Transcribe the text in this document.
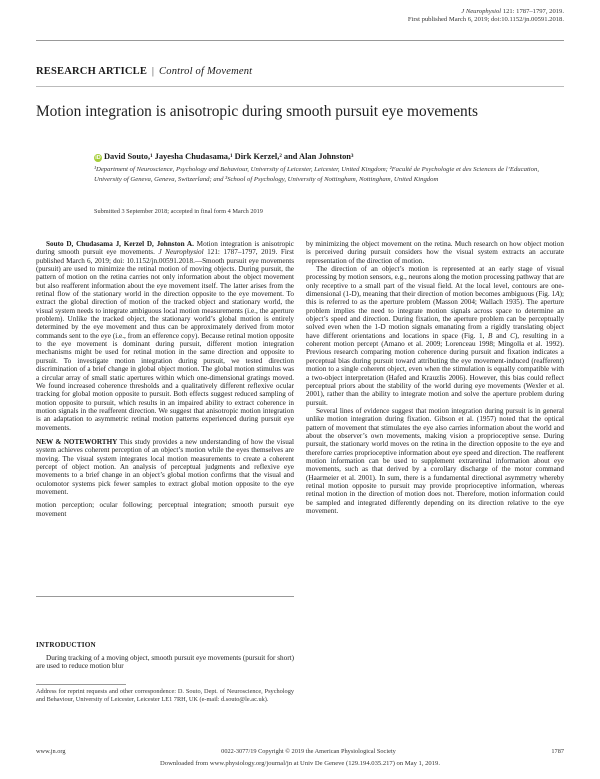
J Neurophysiol 121: 1787–1797, 2019.
First published March 6, 2019; doi:10.1152/jn.00591.2018.
RESEARCH ARTICLE | Control of Movement
Motion integration is anisotropic during smooth pursuit eye movements
iD David Souto,¹ Jayesha Chudasama,¹ Dirk Kerzel,² and Alan Johnston³
¹Department of Neuroscience, Psychology and Behaviour, University of Leicester, Leicester, United Kingdom; ²Faculté de Psychologie et des Sciences de l’Education, University of Geneva, Geneva, Switzerland; and ³School of Psychology, University of Nottingham, Nottingham, United Kingdom
Submitted 3 September 2018; accepted in final form 4 March 2019

Souto D, Chudasama J, Kerzel D, Johnston A. Motion integration is anisotropic during smooth pursuit eye movements. J Neurophysiol 121: 1787–1797, 2019. First published March 6, 2019; doi: 10.1152/jn.00591.2018.—Smooth pursuit eye movements (pursuit) are used to minimize the retinal motion of moving objects. During pursuit, the pattern of motion on the retina carries not only information about the object movement but also reafferent information about the eye movement itself. The latter arises from the retinal flow of the stationary world in the direction opposite to the eye movement. To extract the global direction of motion of the tracked object and stationary world, the visual system needs to integrate ambiguous local motion measurements (i.e., the aperture problem). Unlike the tracked object, the stationary world’s global motion is entirely determined by the eye movement and thus can be approximately derived from motor commands sent to the eye (i.e., from an efference copy). Because retinal motion opposite to the eye movement is dominant during pursuit, different motion integration mechanisms might be used for retinal motion in the same direction and opposite to pursuit. To investigate motion integration during pursuit, we tested direction discrimination of a brief change in global object motion. The global motion stimulus was a circular array of small static apertures within which one-dimensional gratings moved. We found increased coherence thresholds and a qualitatively different reflexive ocular tracking for global motion opposite to pursuit. Both effects suggest reduced sampling of motion opposite to pursuit, which results in an impaired ability to extract coherence in motion signals in the reafferent direction. We suggest that anisotropic motion integration is an adaptation to asymmetric retinal motion patterns experienced during pursuit eye movements.

NEW & NOTEWORTHY This study provides a new understanding of how the visual system achieves coherent perception of an object’s motion while the eyes themselves are moving. The visual system integrates local motion measurements to create a coherent percept of object motion. An analysis of perceptual judgments and reflexive eye movements to a brief change in an object’s global motion confirms that the visual and oculomotor systems pick fewer samples to extract global motion opposite to the eye movement.

motion perception; ocular following; perceptual integration; smooth pursuit eye movement

INTRODUCTION
During tracking of a moving object, smooth pursuit eye movements (pursuit for short) are used to reduce motion blur
Address for reprint requests and other correspondence: D. Souto, Dept. of Neuroscience, Psychology and Behaviour, University of Leicester, Leicester LE1 7RH, UK (e-mail: d.souto@le.ac.uk).

by minimizing the object movement on the retina. Much research on how object motion is perceived during pursuit considers how the visual system extracts an accurate representation of the direction of motion.

The direction of an object’s motion is represented at an early stage of visual processing by motion sensors, e.g., neurons along the motion processing pathway that are only receptive to a small part of the visual field. At the local level, contours are one-dimensional (1-D), meaning that their direction of motion becomes ambiguous (Fig. 1A); this is referred to as the aperture problem (Masson 2004; Wallach 1935). The aperture problem implies the need to integrate motion signals across space to determine an object’s speed and direction. During fixation, the aperture problem can be perceptually solved even when the 1-D motion signals emanating from a rigidly translating object have different orientations and locations in space (Fig. 1, B and C), resulting in a coherent motion percept (Amano et al. 2009; Lorenceau 1998; Mingolla et al. 1992). Previous research comparing motion coherence during pursuit and fixation indicates a perceptual bias during pursuit toward attributing the eye movement-induced (reafferent) motion to a single coherent object, even when the stimulation is equally compatible with a two-object interpretation (Hafed and Krauzlis 2006). However, this bias could reflect perceptual priors about the stability of the world during eye movements (Wexler et al. 2001), rather than the ability to integrate motion and solve the aperture problem during pursuit.

Several lines of evidence suggest that motion integration during pursuit is in general unlike motion integration during fixation. Gibson et al. (1957) noted that the optical pattern of movement that stimulates the eye also carries information about the world and about the observer’s own movements, making vision a proprioceptive sense. During pursuit, the stationary world moves on the retina in the direction opposite to the eye and therefore carries proprioceptive information about eye speed and direction. The reafferent motion information can be used to supplement extraretinal information about eye movements, such as that derived by a corollary discharge of the motor command (Haarmeier et al. 2001). In sum, there is a fundamental directional asymmetry whereby retinal motion opposite to pursuit may provide proprioceptive information, whereas retinal motion in the direction of motion does not. Therefore, motion information could be sampled and integrated differently depending on its direction relative to the eye movement.

www.jn.org	0022-3077/19 Copyright © 2019 the American Physiological Society	1787
Downloaded from www.physiology.org/journal/jn at Univ De Geneve (129.194.035.217) on May 1, 2019.
